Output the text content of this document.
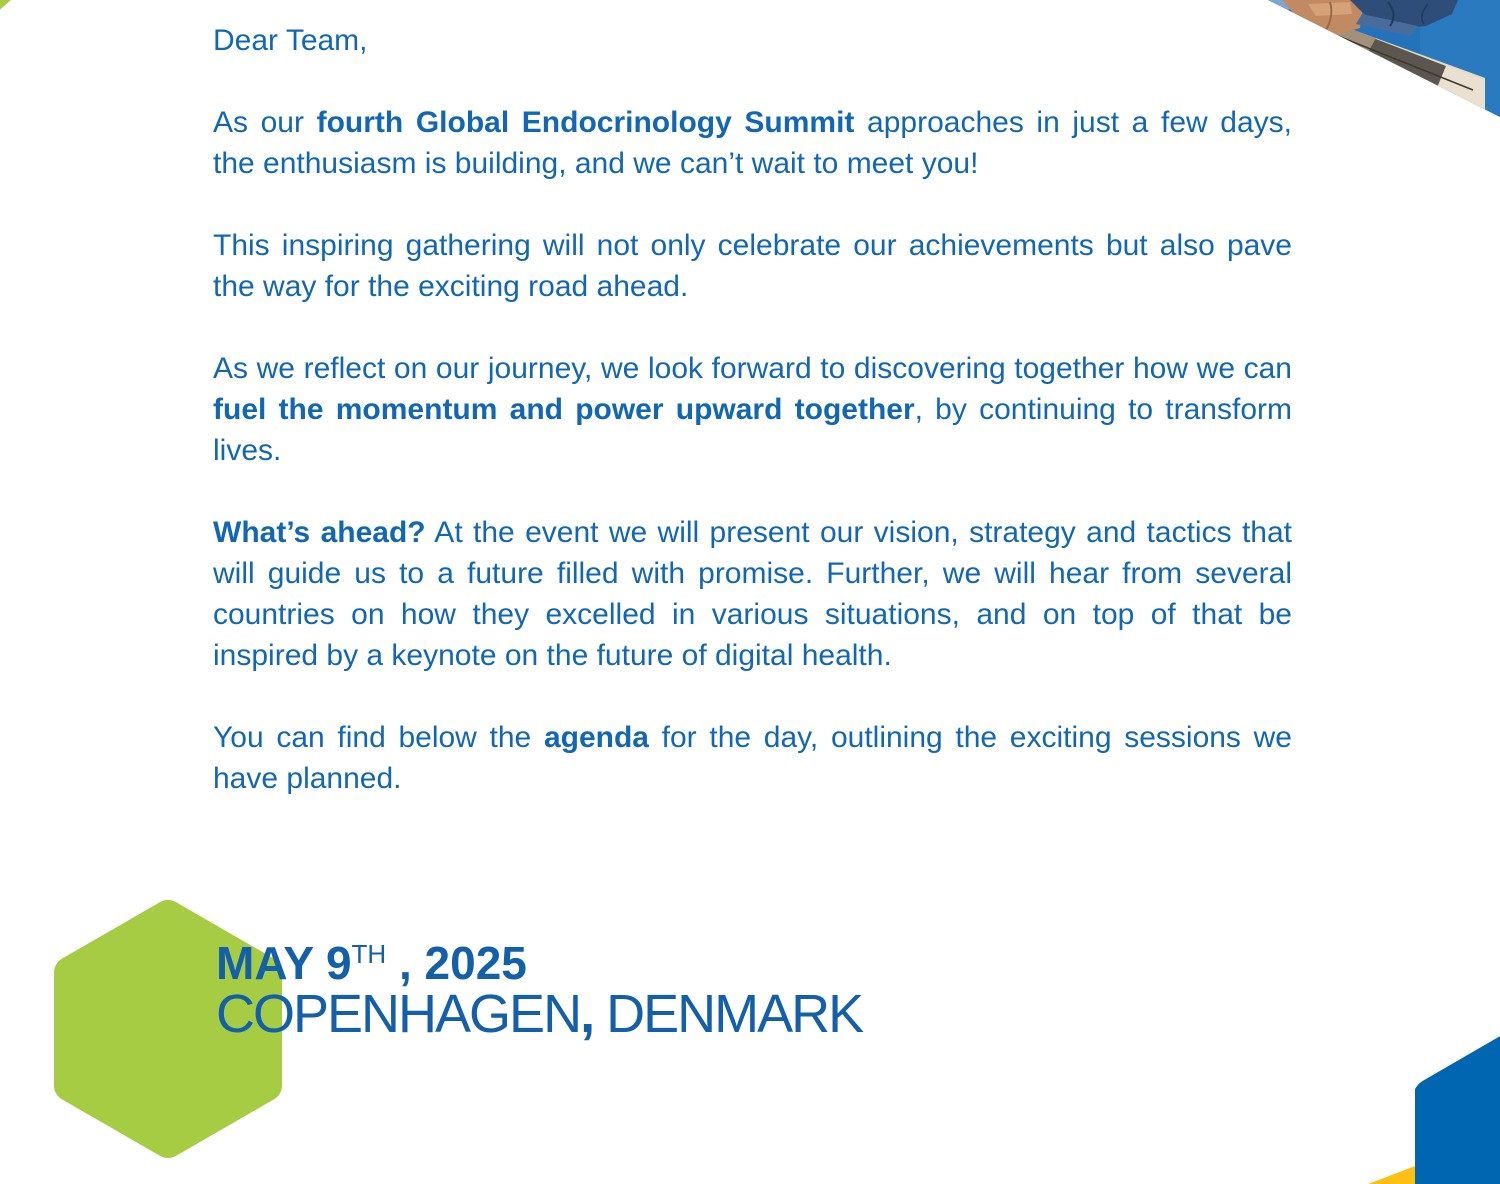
Dear Team,

As our fourth Global Endocrinology Summit approaches in just a few days, the enthusiasm is building, and we can’t wait to meet you!

This inspiring gathering will not only celebrate our achievements but also pave the way for the exciting road ahead.

As we reflect on our journey, we look forward to discovering together how we can fuel the momentum and power upward together, by continuing to transform lives.

What’s ahead? At the event we will present our vision, strategy and tactics that will guide us to a future filled with promise. Further, we will hear from several countries on how they excelled in various situations, and on top of that be inspired by a keynote on the future of digital health.

You can find below the agenda for the day, outlining the exciting sessions we have planned.

MAY 9TH , 2025
COPENHAGEN, DENMARK
